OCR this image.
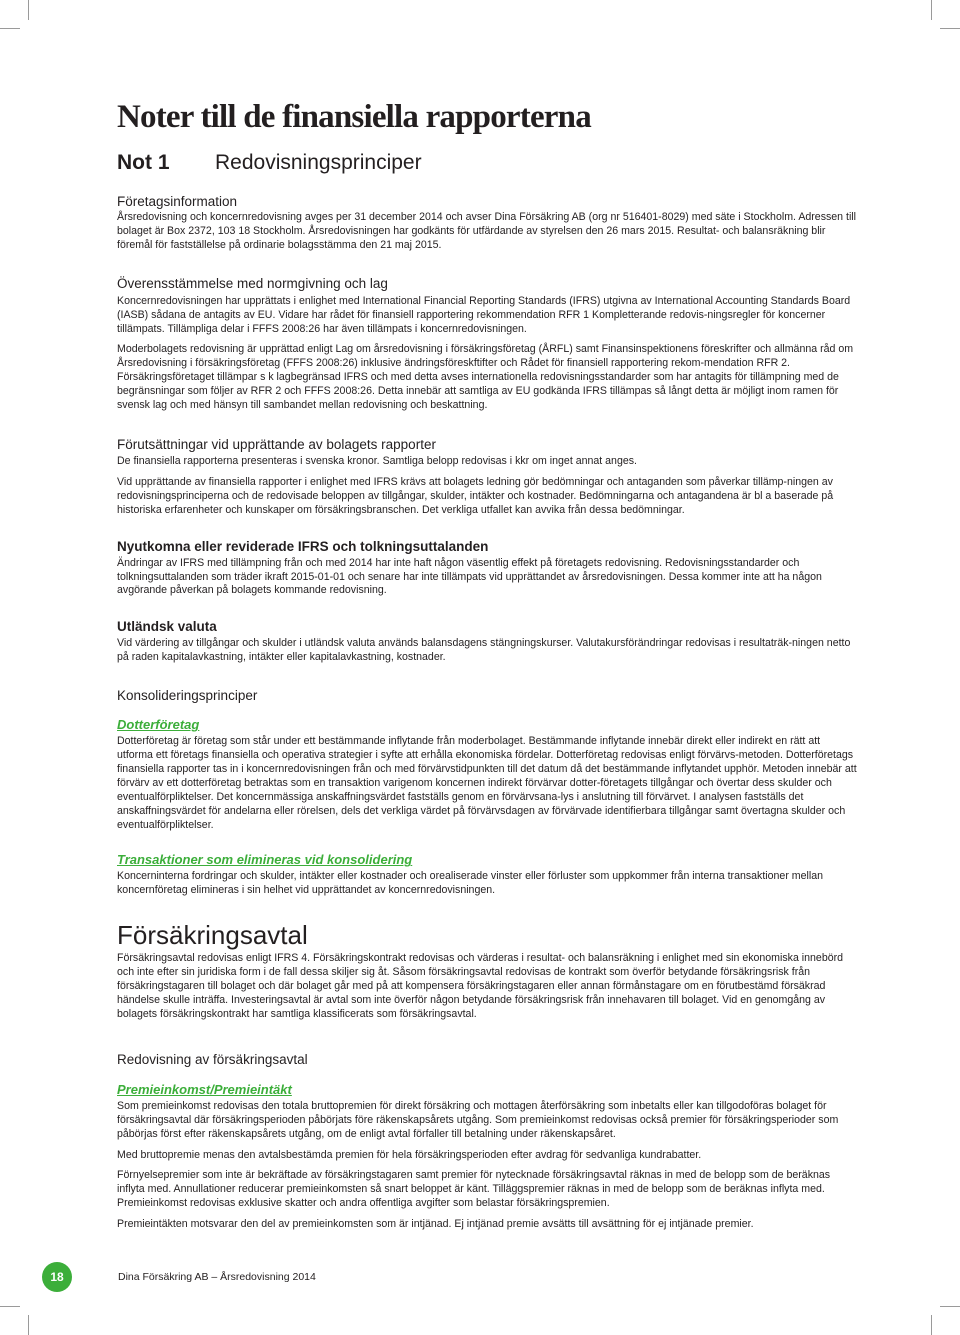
Noter till de finansiella rapporterna
Not 1	Redovisningsprinciper
Företagsinformation

Årsredovisning och koncernredovisning avges per 31 december 2014 och avser Dina Försäkring AB (org nr 516401-8029) med säte i Stockholm. Adressen till bolaget är Box 2372, 103 18 Stockholm. Årsredovisningen har godkänts för utfärdande av styrelsen den 26 mars 2015. Resultat- och balansräkning blir föremål för fastställelse på ordinarie bolagsstämma den 21 maj 2015.

Överensstämmelse med normgivning och lag

Koncernredovisningen har upprättats i enlighet med International Financial Reporting Standards (IFRS) utgivna av International Accounting Standards Board (IASB) sådana de antagits av EU. Vidare har rådet för finansiell rapportering rekommendation RFR 1 Kompletterande redovis-ningsregler för koncerner tillämpats. Tillämpliga delar i FFFS 2008:26 har även tillämpats i koncernredovisningen.

Moderbolagets redovisning är upprättad enligt Lag om årsredovisning i försäkringsföretag (ÅRFL) samt Finansinspektionens föreskrifter och allmänna råd om Årsredovisning i försäkringsföretag (FFFS 2008:26) inklusive ändringsföreskftifter och Rådet för finansiell rapportering rekom-mendation RFR 2. Försäkringsföretaget tillämpar s k lagbegränsad IFRS och med detta avses internationella redovisningsstandarder som har antagits för tillämpning med de begränsningar som följer av RFR 2 och FFFS 2008:26. Detta innebär att samtliga av EU godkända IFRS tillämpas så långt detta är möjligt inom ramen för svensk lag och med hänsyn till sambandet mellan redovisning och beskattning.

Förutsättningar vid upprättande av bolagets rapporter

De finansiella rapporterna presenteras i svenska kronor. Samtliga belopp redovisas i kkr om inget annat anges.

Vid upprättande av finansiella rapporter i enlighet med IFRS krävs att bolagets ledning gör bedömningar och antaganden som påverkar tillämp-ningen av redovisningsprinciperna och de redovisade beloppen av tillgångar, skulder, intäkter och kostnader. Bedömningarna och antagandena är bl a baserade på historiska erfarenheter och kunskaper om försäkringsbranschen. Det verkliga utfallet kan avvika från dessa bedömningar.

Nyutkomna eller reviderade IFRS och tolkningsuttalanden

Ändringar av IFRS med tillämpning från och med 2014 har inte haft någon väsentlig effekt på företagets redovisning. Redovisningsstandarder och tolkningsuttalanden som träder ikraft 2015-01-01 och senare har inte tillämpats vid upprättandet av årsredovisningen. Dessa kommer inte att ha någon avgörande påverkan på bolagets kommande redovisning.

Utländsk valuta

Vid värdering av tillgångar och skulder i utländsk valuta används balansdagens stängningskurser. Valutakursförändringar redovisas i resultaträk-ningen netto på raden kapitalavkastning, intäkter eller kapitalavkastning, kostnader.

Konsolideringsprinciper
Dotterföretag

Dotterföretag är företag som står under ett bestämmande inflytande från moderbolaget. Bestämmande inflytande innebär direkt eller indirekt en rätt att utforma ett företags finansiella och operativa strategier i syfte att erhålla ekonomiska fördelar. Dotterföretag redovisas enligt förvärvs-metoden. Dotterföretags finansiella rapporter tas in i koncernredovisningen från och med förvärvstidpunkten till det datum då det bestämmande inflytandet upphör. Metoden innebär att förvärv av ett dotterföretag betraktas som en transaktion varigenom koncernen indirekt förvärvar dotter-företagets tillgångar och övertar dess skulder och eventualförpliktelser. Det koncernmässiga anskaffningsvärdet fastställs genom en förvärvsana-lys i anslutning till förvärvet. I analysen fastställs det anskaffningsvärdet för andelarna eller rörelsen, dels det verkliga värdet på förvärvsdagen av förvärvade identifierbara tillgångar samt övertagna skulder och eventualförpliktelser.

Transaktioner som elimineras vid konsolidering

Koncerninterna fordringar och skulder, intäkter eller kostnader och orealiserade vinster eller förluster som uppkommer från interna transaktioner mellan koncernföretag elimineras i sin helhet vid upprättandet av koncernredovisningen.

Försäkringsavtal

Försäkringsavtal redovisas enligt IFRS 4. Försäkringskontrakt redovisas och värderas i resultat- och balansräkning i enlighet med sin ekonomiska innebörd och inte efter sin juridiska form i de fall dessa skiljer sig åt. Såsom försäkringsavtal redovisas de kontrakt som överför betydande försäkringsrisk från försäkringstagaren till bolaget och där bolaget går med på att kompensera försäkringstagaren eller annan förmånstagare om en förutbestämd försäkrad händelse skulle inträffa. Investeringsavtal är avtal som inte överför någon betydande försäkringsrisk från innehavaren till bolaget. Vid en genomgång av bolagets försäkringskontrakt har samtliga klassificerats som försäkringsavtal.

Redovisning av försäkringsavtal
Premieinkomst/Premieintäkt

Som premieinkomst redovisas den totala bruttopremien för direkt försäkring och mottagen återförsäkring som inbetalts eller kan tillgodoföras bolaget för försäkringsavtal där försäkringsperioden påbörjats före räkenskapsårets utgång. Som premieinkomst redovisas också premier för försäkringsperioder som påbörjas först efter räkenskapsårets utgång, om de enligt avtal förfaller till betalning under räkenskapsåret.

Med bruttopremie menas den avtalsbestämda premien för hela försäkringsperioden efter avdrag för sedvanliga kundrabatter.

Förnyelsepremier som inte är bekräftade av försäkringstagaren samt premier för nytecknade försäkringsavtal räknas in med de belopp som de beräknas inflyta med. Annullationer reducerar premieinkomsten så snart beloppet är känt. Tilläggspremier räknas in med de belopp som de beräknas inflyta med. Premieinkomst redovisas exklusive skatter och andra offentliga avgifter som belastar försäkringspremien.

Premieintäkten motsvarar den del av premieinkomsten som är intjänad. Ej intjänad premie avsätts till avsättning för ej intjänade premier.

18	Dina Försäkring AB – Årsredovisning 2014
